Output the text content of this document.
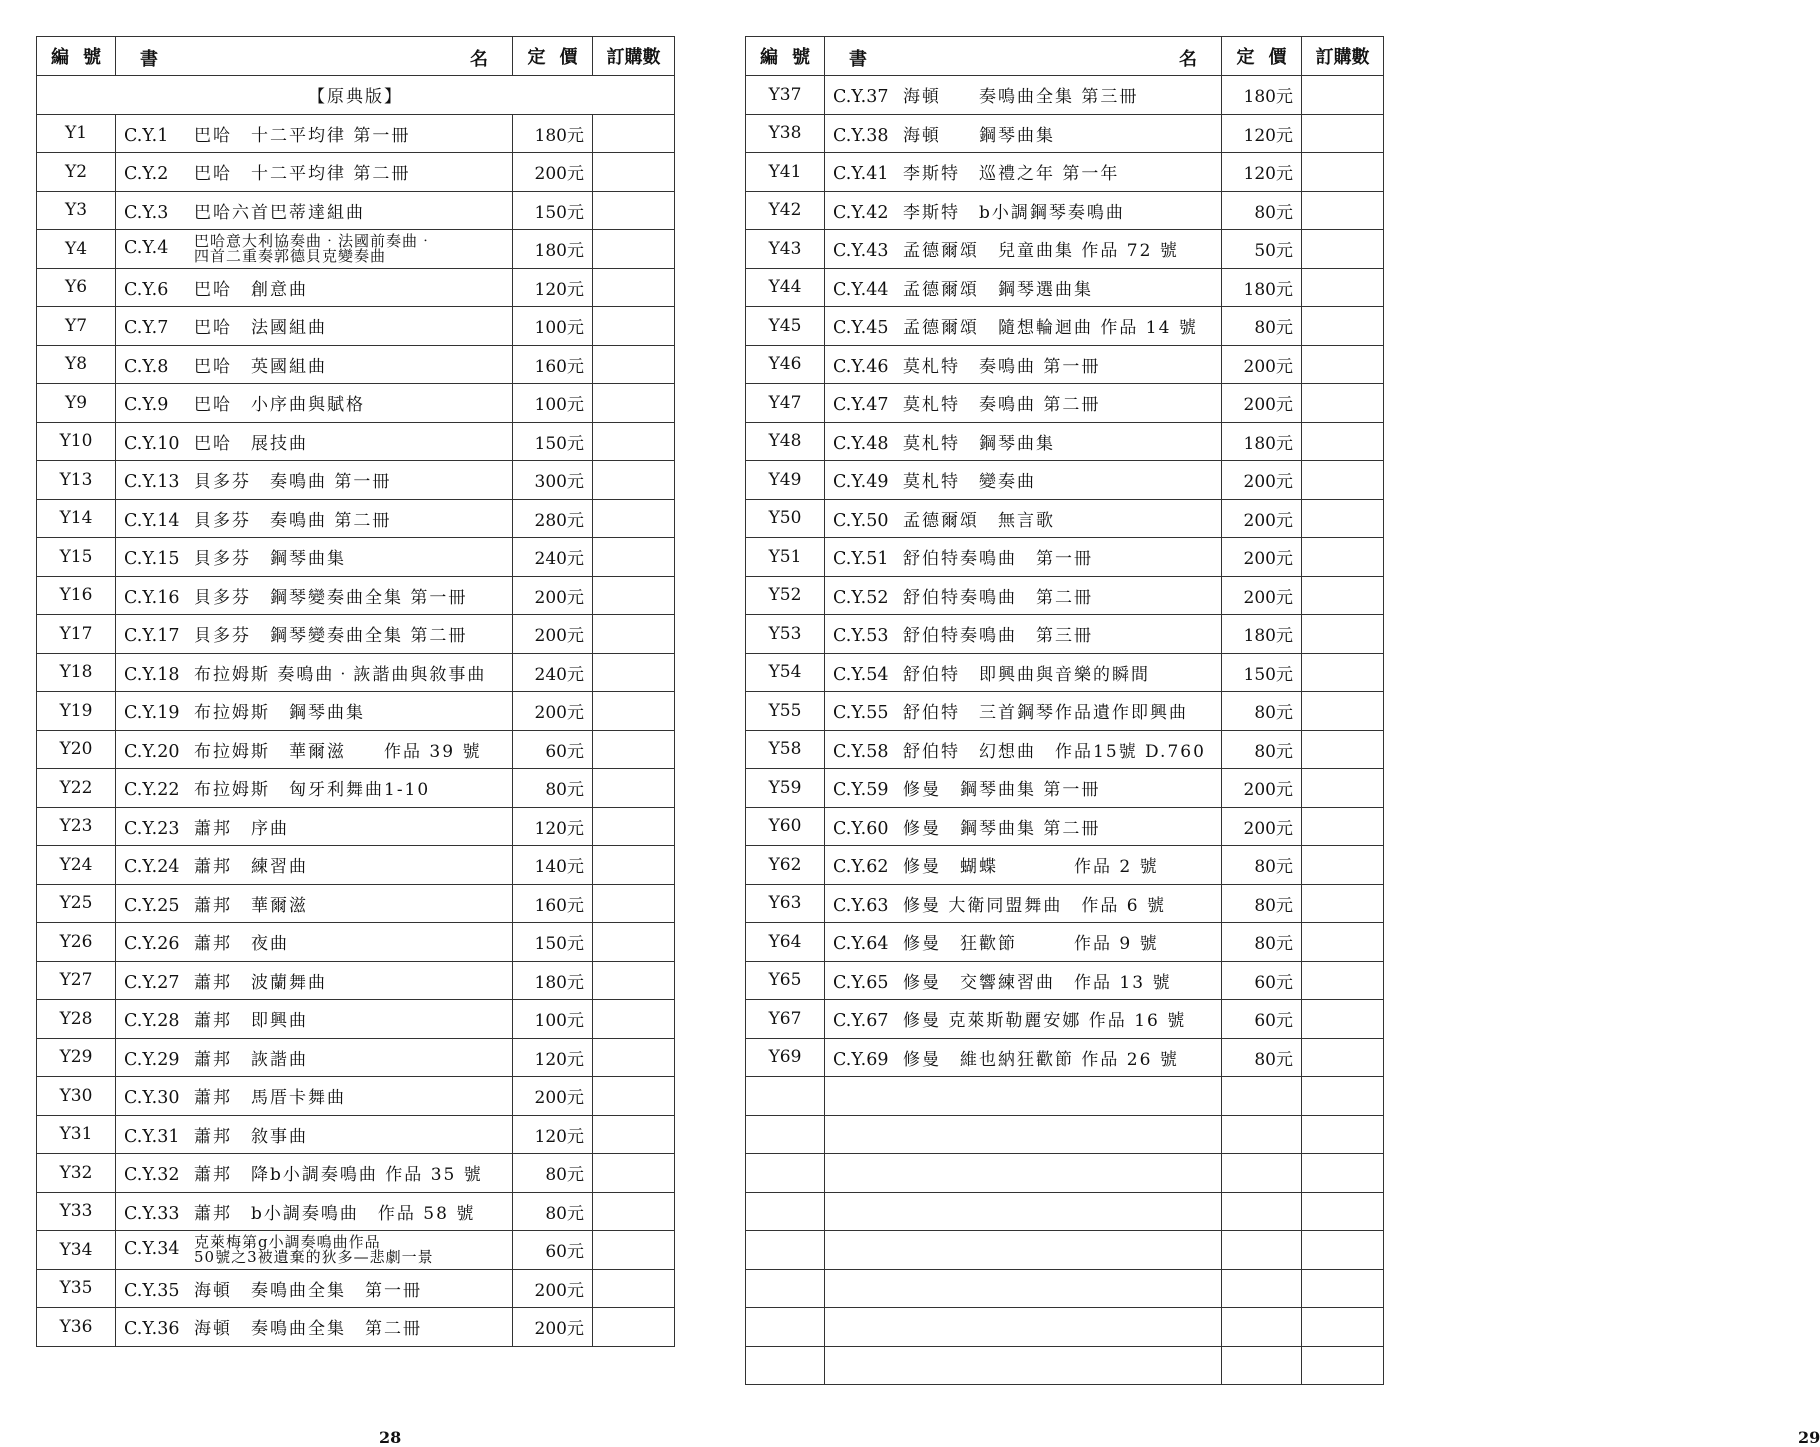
編號	書 名	定價	訂購數
【原典版】			
Y1	C.Y.1 巴哈　十二平均律 第一冊	180元	
Y2	C.Y.2 巴哈　十二平均律 第二冊	200元	
Y3	C.Y.3 巴哈六首巴蒂達組曲	150元	
Y4	C.Y.4 巴哈意大利協奏曲‧法國前奏曲‧
四首二重奏郭德貝克變奏曲	180元	
Y6	C.Y.6 巴哈　創意曲	120元	
Y7	C.Y.7 巴哈　法國組曲	100元	
Y8	C.Y.8 巴哈　英國組曲	160元	
Y9	C.Y.9 巴哈　小序曲與賦格	100元	
Y10	C.Y.10 巴哈　展技曲	150元	
Y13	C.Y.13 貝多芬　奏鳴曲 第一冊	300元	
Y14	C.Y.14 貝多芬　奏鳴曲 第二冊	280元	
Y15	C.Y.15 貝多芬　鋼琴曲集	240元	
Y16	C.Y.16 貝多芬　鋼琴變奏曲全集 第一冊	200元	
Y17	C.Y.17 貝多芬　鋼琴變奏曲全集 第二冊	200元	
Y18	C.Y.18 布拉姆斯 奏鳴曲‧詼諧曲與敘事曲	240元	
Y19	C.Y.19 布拉姆斯　鋼琴曲集	200元	
Y20	C.Y.20 布拉姆斯　華爾滋　　作品 39 號	60元	
Y22	C.Y.22 布拉姆斯　匈牙利舞曲1-10	80元	
Y23	C.Y.23 蕭邦　序曲	120元	
Y24	C.Y.24 蕭邦　練習曲	140元	
Y25	C.Y.25 蕭邦　華爾滋	160元	
Y26	C.Y.26 蕭邦　夜曲	150元	
Y27	C.Y.27 蕭邦　波蘭舞曲	180元	
Y28	C.Y.28 蕭邦　即興曲	100元	
Y29	C.Y.29 蕭邦　詼諧曲	120元	
Y30	C.Y.30 蕭邦　馬厝卡舞曲	200元	
Y31	C.Y.31 蕭邦　敘事曲	120元	
Y32	C.Y.32 蕭邦　降b小調奏鳴曲 作品 35 號	80元	
Y33	C.Y.33 蕭邦　b小調奏鳴曲　作品 58 號	80元	
Y34	C.Y.34 克萊梅第g小調奏鳴曲作品
50號之3被遺棄的狄多—悲劇一景	60元	
Y35	C.Y.35 海頓　奏鳴曲全集　第一冊	200元	
Y36	C.Y.36 海頓　奏鳴曲全集　第二冊	200元	
28
編號	書 名	定價	訂購數
Y37	C.Y.37 海頓　　奏鳴曲全集 第三冊	180元	
Y38	C.Y.38 海頓　　鋼琴曲集	120元	
Y41	C.Y.41 李斯特　巡禮之年 第一年	120元	
Y42	C.Y.42 李斯特　b小調鋼琴奏鳴曲	80元	
Y43	C.Y.43 孟德爾頌　兒童曲集 作品 72 號	50元	
Y44	C.Y.44 孟德爾頌　鋼琴選曲集	180元	
Y45	C.Y.45 孟德爾頌　隨想輪迴曲 作品 14 號	80元	
Y46	C.Y.46 莫札特　奏鳴曲 第一冊	200元	
Y47	C.Y.47 莫札特　奏鳴曲 第二冊	200元	
Y48	C.Y.48 莫札特　鋼琴曲集	180元	
Y49	C.Y.49 莫札特　變奏曲	200元	
Y50	C.Y.50 孟德爾頌　無言歌	200元	
Y51	C.Y.51 舒伯特奏鳴曲　第一冊	200元	
Y52	C.Y.52 舒伯特奏鳴曲　第二冊	200元	
Y53	C.Y.53 舒伯特奏鳴曲　第三冊	180元	
Y54	C.Y.54 舒伯特　即興曲與音樂的瞬間	150元	
Y55	C.Y.55 舒伯特　三首鋼琴作品遺作即興曲	80元	
Y58	C.Y.58 舒伯特　幻想曲　作品15號 D.760	80元	
Y59	C.Y.59 修曼　鋼琴曲集 第一冊	200元	
Y60	C.Y.60 修曼　鋼琴曲集 第二冊	200元	
Y62	C.Y.62 修曼　蝴蝶　　　　作品 2 號	80元	
Y63	C.Y.63 修曼 大衛同盟舞曲　作品 6 號	80元	
Y64	C.Y.64 修曼　狂歡節　　　作品 9 號	80元	
Y65	C.Y.65 修曼　交響練習曲　作品 13 號	60元	
Y67	C.Y.67 修曼 克萊斯勒麗安娜 作品 16 號	60元	
Y69	C.Y.69 修曼　維也納狂歡節 作品 26 號	80元	

29
